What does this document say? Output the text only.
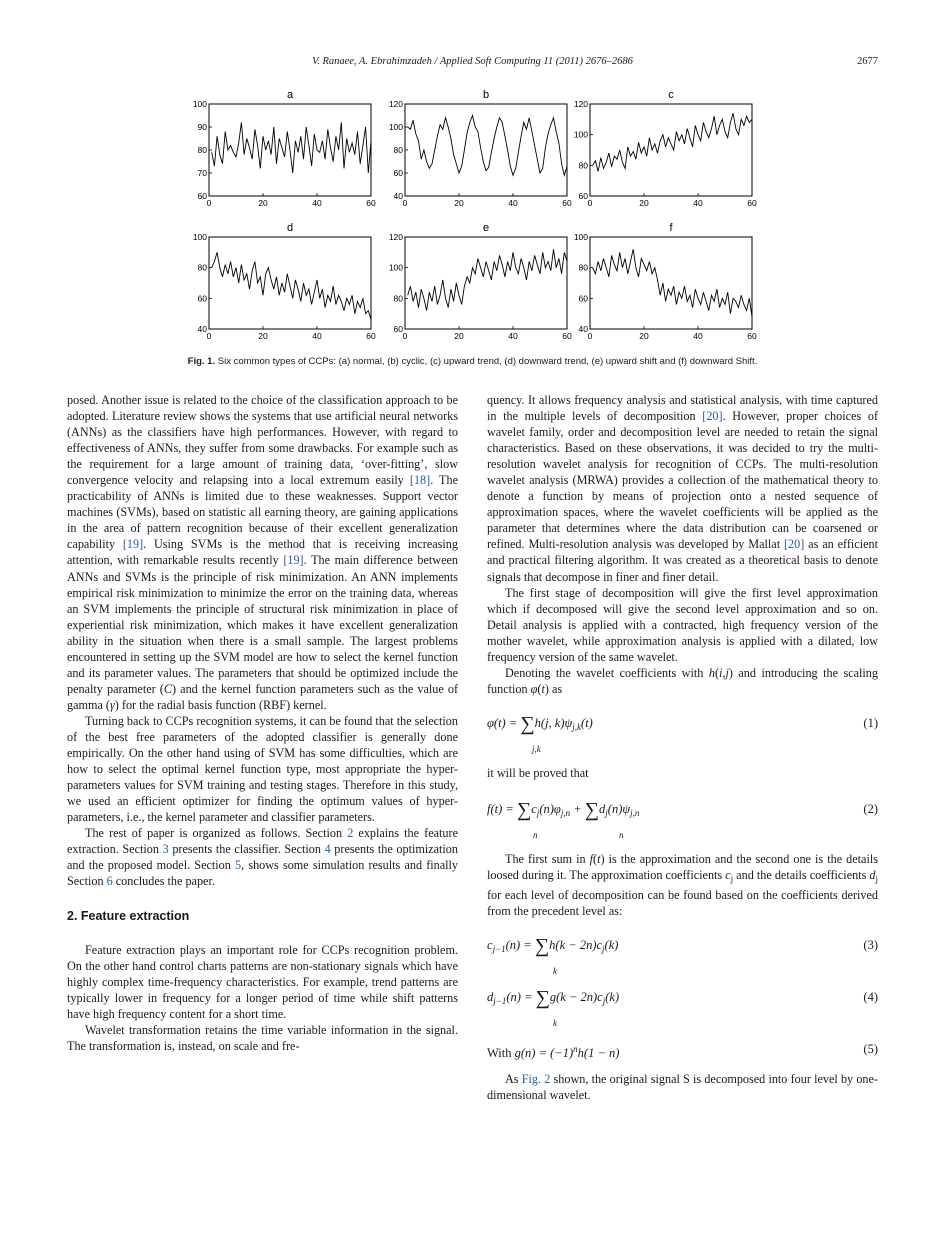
V. Ranaee, A. Ebrahimzadeh / Applied Soft Computing 11 (2011) 2676–2686	2677
a
0	20	40	60
60
70
80
90
100
b
0	20	40	60
40
60
80
100
120
c
0	20	40	60
60
80
100
120
d
0	20	40	60
40
60
80
100
e
0	20	40	60
60
80
100
120
f
0	20	40	60
40
60
80
100
Fig. 1. Six common types of CCPs: (a) normal, (b) cyclic, (c) upward trend, (d) downward trend, (e) upward shift and (f) downward Shift.

posed. Another issue is related to the choice of the classification approach to be adopted. Literature review shows the systems that use artificial neural networks (ANNs) as the classifiers have high performances. However, with regard to effectiveness of ANNs, they suffer from some drawbacks. For example such as the requirement for a large amount of training data, ‘over-fitting’, slow convergence velocity and relapsing into a local extremum easily [18]. The practicability of ANNs is limited due to these weaknesses. Support vector machines (SVMs), based on statistic all earning theory, are gaining applications in the area of pattern recognition because of their excellent generalization capability [19]. Using SVMs is the method that is receiving increasing attention, with remarkable results recently [19]. The main difference between ANNs and SVMs is the principle of risk minimization. An ANN implements empirical risk minimization to minimize the error on the training data, whereas an SVM implements the principle of structural risk minimization in place of experiential risk minimization, which makes it have excellent generalization ability in the situation when there is a small sample. The largest problems encountered in setting up the SVM model are how to select the kernel function and its parameter values. The parameters that should be optimized include the penalty parameter (C) and the kernel function parameters such as the value of gamma (γ) for the radial basis function (RBF) kernel.

Turning back to CCPs recognition systems, it can be found that the selection of the best free parameters of the adopted classifier is generally done empirically. On the other hand using of SVM has some difficulties, which are how to select the optimal kernel function type, most appropriate the hyper-parameters values for SVM training and testing stages. Therefore in this study, we used an efficient optimizer for finding the optimum values of hyper-parameters, i.e., the kernel parameter and classifier parameters.

The rest of paper is organized as follows. Section 2 explains the feature extraction. Section 3 presents the classifier. Section 4 presents the optimization and the proposed model. Section 5, shows some simulation results and finally Section 6 concludes the paper.

2. Feature extraction

Feature extraction plays an important role for CCPs recognition problem. On the other hand control charts patterns are non-stationary signals which have highly complex time-frequency characteristics. For example, trend patterns are typically lower in frequency for a longer period of time while shift patterns have high frequency content for a short time.

Wavelet transformation retains the time variable information in the signal. The transformation is, instead, on scale and fre-

quency. It allows frequency analysis and statistical analysis, with time captured in the multiple levels of decomposition [20]. However, proper choices of wavelet family, order and decomposition level are needed to retain the signal characteristics. Based on these observations, it was decided to try the multi-resolution wavelet analysis for recognition of CCPs. The multi-resolution wavelet analysis (MRWA) provides a collection of the mathematical theory to denote a function by means of projection onto a nested sequence of approximation spaces, where the wavelet coefficients will be applied as the parameter that determines where the data distribution can be coarsened or refined. Multi-resolution analysis was developed by Mallat [20] as an efficient and practical filtering algorithm. It was created as a theoretical basis to denote signals that decompose in finer and finer detail.

The first stage of decomposition will give the first level approximation which if decomposed will give the second level approximation and so on. Detail analysis is applied with a contracted, high frequency version of the mother wavelet, while approximation analysis is applied with a dilated, low frequency version of the same wavelet.

Denoting the wavelet coefficients with h(i,j) and introducing the scaling function φ(t) as

φ(t) = ∑h(j, $k)\psi_{j,k}(t)$
j,k
(1)

it will be proved that

$f(t) = \sum c_j(n)\varphi_{j,n} + \sum d_j(n)\psi_{j,n}$
n	n
(2)

The first sum in f(t) is the approximation and the second one is the details loosed during it. The approximation coefficients $c_j$ and the details coefficients $d_j$ for each level of decomposition can be found based on the coefficients derived from the precedent level as:

$c_{j-1}(n) = \sum h(k - 2n)c_j(k)$
k
(3)
$d_{j-1}(n) = \sum g(k - 2n)c_j(k)$
k
(4)
With $g(n) = (-1)^nh(1 - n)$	(5)

As Fig. 2 shown, the original signal S is decomposed into four level by one-dimensional wavelet.
